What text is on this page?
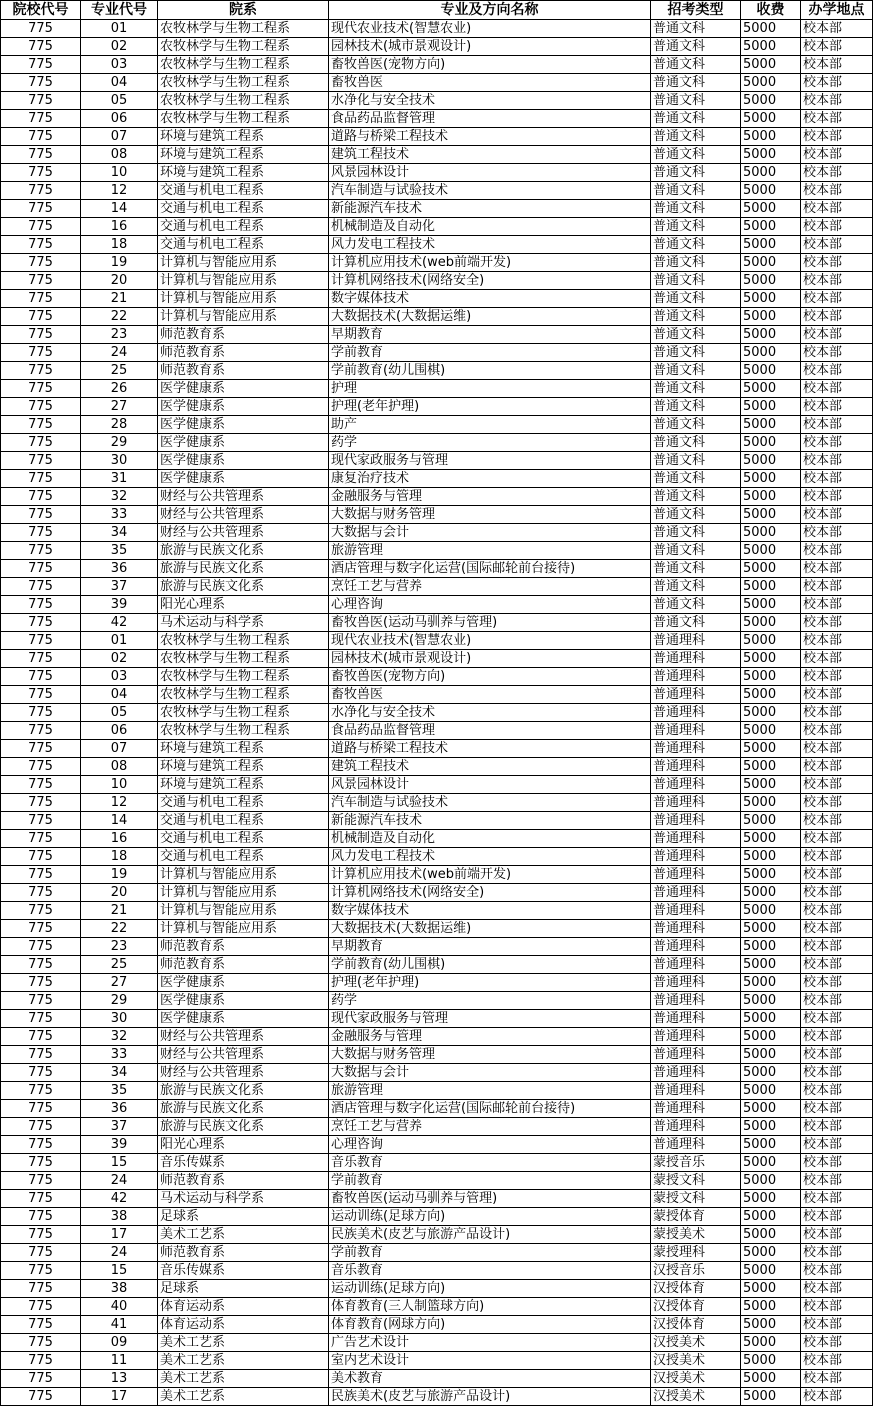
院校代号	专业代号	院系	专业及方向名称	招考类型	收费	办学地点
775	01	农牧林学与生物工程系	现代农业技术(智慧农业)	普通文科	5000	校本部
775	02	农牧林学与生物工程系	园林技术(城市景观设计)	普通文科	5000	校本部
775	03	农牧林学与生物工程系	畜牧兽医(宠物方向)	普通文科	5000	校本部
775	04	农牧林学与生物工程系	畜牧兽医	普通文科	5000	校本部
775	05	农牧林学与生物工程系	水净化与安全技术	普通文科	5000	校本部
775	06	农牧林学与生物工程系	食品药品监督管理	普通文科	5000	校本部
775	07	环境与建筑工程系	道路与桥梁工程技术	普通文科	5000	校本部
775	08	环境与建筑工程系	建筑工程技术	普通文科	5000	校本部
775	10	环境与建筑工程系	风景园林设计	普通文科	5000	校本部
775	12	交通与机电工程系	汽车制造与试验技术	普通文科	5000	校本部
775	14	交通与机电工程系	新能源汽车技术	普通文科	5000	校本部
775	16	交通与机电工程系	机械制造及自动化	普通文科	5000	校本部
775	18	交通与机电工程系	风力发电工程技术	普通文科	5000	校本部
775	19	计算机与智能应用系	计算机应用技术(web前端开发)	普通文科	5000	校本部
775	20	计算机与智能应用系	计算机网络技术(网络安全)	普通文科	5000	校本部
775	21	计算机与智能应用系	数字媒体技术	普通文科	5000	校本部
775	22	计算机与智能应用系	大数据技术(大数据运维)	普通文科	5000	校本部
775	23	师范教育系	早期教育	普通文科	5000	校本部
775	24	师范教育系	学前教育	普通文科	5000	校本部
775	25	师范教育系	学前教育(幼儿围棋)	普通文科	5000	校本部
775	26	医学健康系	护理	普通文科	5000	校本部
775	27	医学健康系	护理(老年护理)	普通文科	5000	校本部
775	28	医学健康系	助产	普通文科	5000	校本部
775	29	医学健康系	药学	普通文科	5000	校本部
775	30	医学健康系	现代家政服务与管理	普通文科	5000	校本部
775	31	医学健康系	康复治疗技术	普通文科	5000	校本部
775	32	财经与公共管理系	金融服务与管理	普通文科	5000	校本部
775	33	财经与公共管理系	大数据与财务管理	普通文科	5000	校本部
775	34	财经与公共管理系	大数据与会计	普通文科	5000	校本部
775	35	旅游与民族文化系	旅游管理	普通文科	5000	校本部
775	36	旅游与民族文化系	酒店管理与数字化运营(国际邮轮前台接待)	普通文科	5000	校本部
775	37	旅游与民族文化系	烹饪工艺与营养	普通文科	5000	校本部
775	39	阳光心理系	心理咨询	普通文科	5000	校本部
775	42	马术运动与科学系	畜牧兽医(运动马驯养与管理)	普通文科	5000	校本部
775	01	农牧林学与生物工程系	现代农业技术(智慧农业)	普通理科	5000	校本部
775	02	农牧林学与生物工程系	园林技术(城市景观设计)	普通理科	5000	校本部
775	03	农牧林学与生物工程系	畜牧兽医(宠物方向)	普通理科	5000	校本部
775	04	农牧林学与生物工程系	畜牧兽医	普通理科	5000	校本部
775	05	农牧林学与生物工程系	水净化与安全技术	普通理科	5000	校本部
775	06	农牧林学与生物工程系	食品药品监督管理	普通理科	5000	校本部
775	07	环境与建筑工程系	道路与桥梁工程技术	普通理科	5000	校本部
775	08	环境与建筑工程系	建筑工程技术	普通理科	5000	校本部
775	10	环境与建筑工程系	风景园林设计	普通理科	5000	校本部
775	12	交通与机电工程系	汽车制造与试验技术	普通理科	5000	校本部
775	14	交通与机电工程系	新能源汽车技术	普通理科	5000	校本部
775	16	交通与机电工程系	机械制造及自动化	普通理科	5000	校本部
775	18	交通与机电工程系	风力发电工程技术	普通理科	5000	校本部
775	19	计算机与智能应用系	计算机应用技术(web前端开发)	普通理科	5000	校本部
775	20	计算机与智能应用系	计算机网络技术(网络安全)	普通理科	5000	校本部
775	21	计算机与智能应用系	数字媒体技术	普通理科	5000	校本部
775	22	计算机与智能应用系	大数据技术(大数据运维)	普通理科	5000	校本部
775	23	师范教育系	早期教育	普通理科	5000	校本部
775	25	师范教育系	学前教育(幼儿围棋)	普通理科	5000	校本部
775	27	医学健康系	护理(老年护理)	普通理科	5000	校本部
775	29	医学健康系	药学	普通理科	5000	校本部
775	30	医学健康系	现代家政服务与管理	普通理科	5000	校本部
775	32	财经与公共管理系	金融服务与管理	普通理科	5000	校本部
775	33	财经与公共管理系	大数据与财务管理	普通理科	5000	校本部
775	34	财经与公共管理系	大数据与会计	普通理科	5000	校本部
775	35	旅游与民族文化系	旅游管理	普通理科	5000	校本部
775	36	旅游与民族文化系	酒店管理与数字化运营(国际邮轮前台接待)	普通理科	5000	校本部
775	37	旅游与民族文化系	烹饪工艺与营养	普通理科	5000	校本部
775	39	阳光心理系	心理咨询	普通理科	5000	校本部
775	15	音乐传媒系	音乐教育	蒙授音乐	5000	校本部
775	24	师范教育系	学前教育	蒙授文科	5000	校本部
775	42	马术运动与科学系	畜牧兽医(运动马驯养与管理)	蒙授文科	5000	校本部
775	38	足球系	运动训练(足球方向)	蒙授体育	5000	校本部
775	17	美术工艺系	民族美术(皮艺与旅游产品设计)	蒙授美术	5000	校本部
775	24	师范教育系	学前教育	蒙授理科	5000	校本部
775	15	音乐传媒系	音乐教育	汉授音乐	5000	校本部
775	38	足球系	运动训练(足球方向)	汉授体育	5000	校本部
775	40	体育运动系	体育教育(三人制篮球方向)	汉授体育	5000	校本部
775	41	体育运动系	体育教育(网球方向)	汉授体育	5000	校本部
775	09	美术工艺系	广告艺术设计	汉授美术	5000	校本部
775	11	美术工艺系	室内艺术设计	汉授美术	5000	校本部
775	13	美术工艺系	美术教育	汉授美术	5000	校本部
775	17	美术工艺系	民族美术(皮艺与旅游产品设计)	汉授美术	5000	校本部
